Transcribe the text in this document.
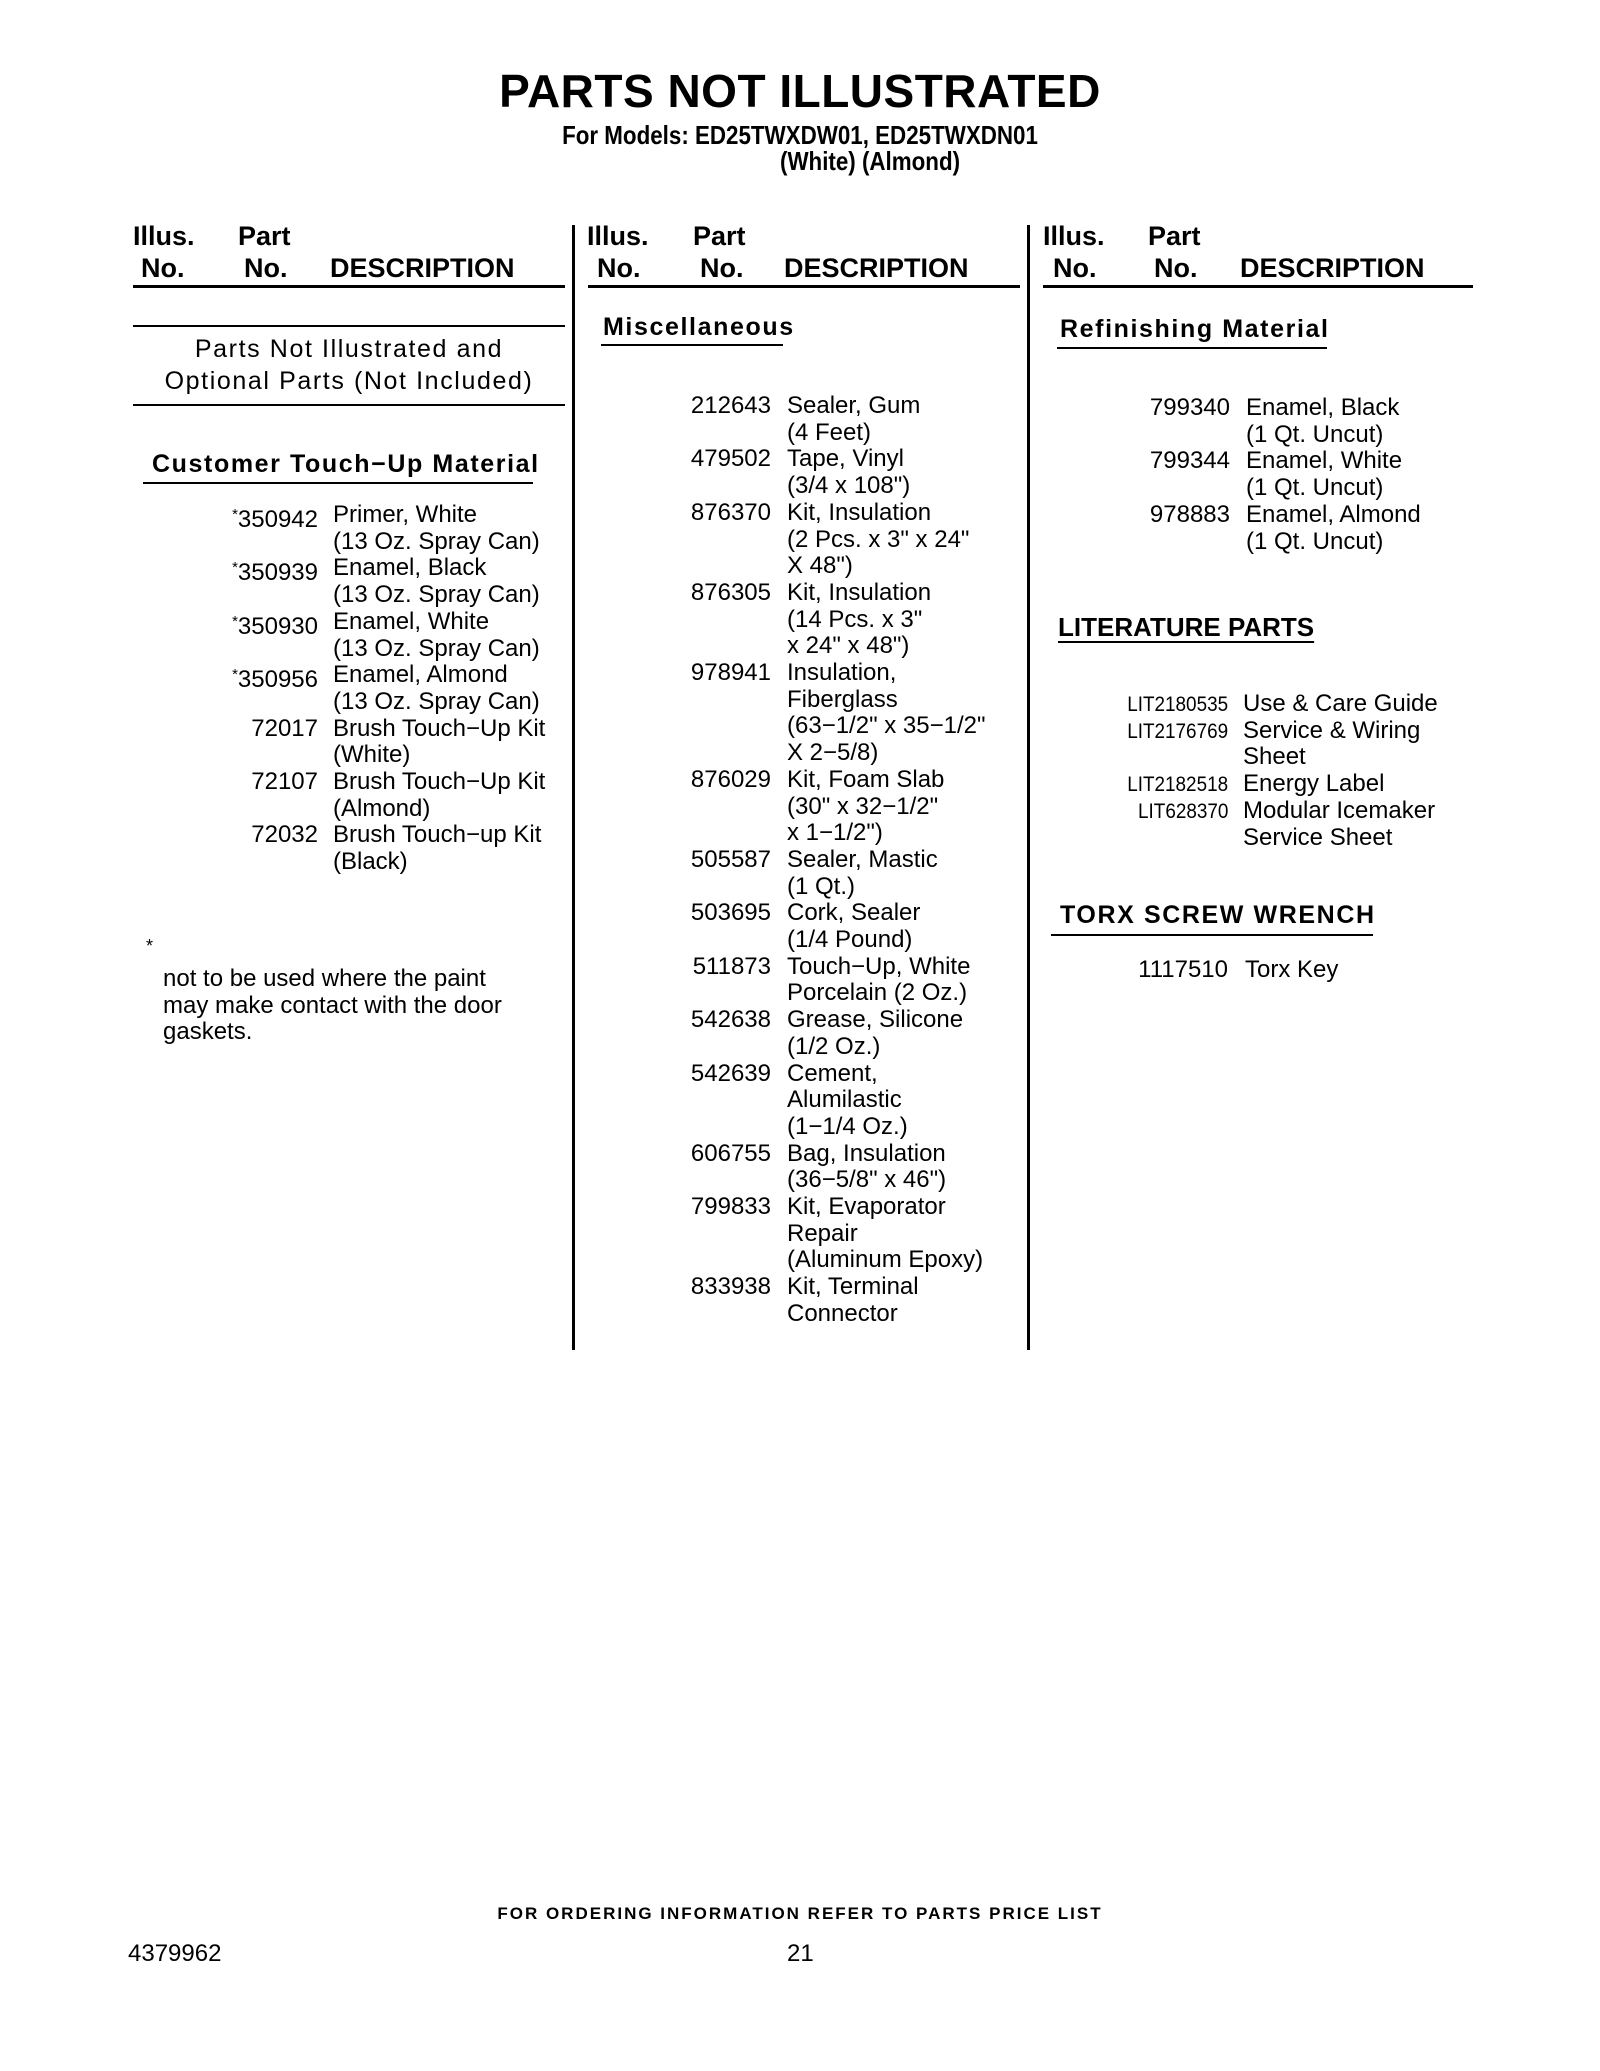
PARTS NOT ILLUSTRATED
For Models: ED25TWXDW01, ED25TWXDN01
(White) (Almond)
Illus. Part
No. No. DESCRIPTION
Illus. Part
No. No. DESCRIPTION
Illus. Part
No. No. DESCRIPTION
Parts Not Illustrated and
Optional Parts (Not Included)
Customer Touch−Up Material
*350942 Primer, White
(13 Oz. Spray Can)
*350939 Enamel, Black
(13 Oz. Spray Can)
*350930 Enamel, White
(13 Oz. Spray Can)
*350956 Enamel, Almond
(13 Oz. Spray Can)
72017 Brush Touch−Up Kit
(White)
72107 Brush Touch−Up Kit
(Almond)
72032 Brush Touch−up Kit
(Black)
*
not to be used where the paint
may make contact with the door
gaskets.
Miscellaneous
212643 Sealer, Gum
(4 Feet)
479502 Tape, Vinyl
(3/4 x 108")
876370 Kit, Insulation
(2 Pcs. x 3" x 24"
X 48")
876305 Kit, Insulation
(14 Pcs. x 3"
x 24" x 48")
978941 Insulation,
Fiberglass
(63−1/2" x 35−1/2"
X 2−5/8)
876029 Kit, Foam Slab
(30" x 32−1/2"
x 1−1/2")
505587 Sealer, Mastic
(1 Qt.)
503695 Cork, Sealer
(1/4 Pound)
511873 Touch−Up, White
Porcelain (2 Oz.)
542638 Grease, Silicone
(1/2 Oz.)
542639 Cement,
Alumilastic
(1−1/4 Oz.)
606755 Bag, Insulation
(36−5/8" x 46")
799833 Kit, Evaporator
Repair
(Aluminum Epoxy)
833938 Kit, Terminal
Connector
Refinishing Material
799340 Enamel, Black
(1 Qt. Uncut)
799344 Enamel, White
(1 Qt. Uncut)
978883 Enamel, Almond
(1 Qt. Uncut)
LITERATURE PARTS
LIT2180535 Use & Care Guide
LIT2176769 Service & Wiring
Sheet
LIT2182518 Energy Label
LIT628370 Modular Icemaker
Service Sheet
TORX SCREW WRENCH
1117510 Torx Key
FOR ORDERING INFORMATION REFER TO PARTS PRICE LIST
4379962	21
